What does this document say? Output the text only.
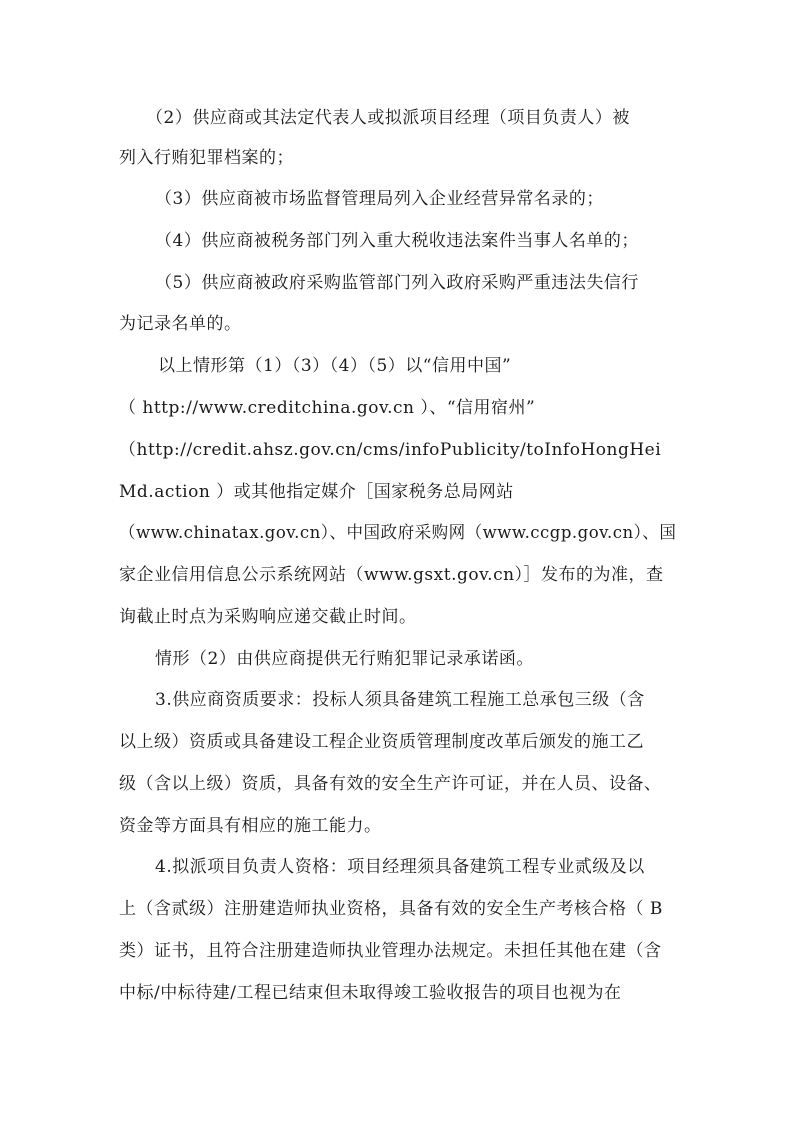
（2）供应商或其法定代表人或拟派项目经理（项目负责人）被
列入行贿犯罪档案的；
（3）供应商被市场监督管理局列入企业经营异常名录的；
（4）供应商被税务部门列入重大税收违法案件当事人名单的；
（5）供应商被政府采购监管部门列入政府采购严重违法失信行
为记录名单的。
以上情形第（1）（3）（4）（5）以“信用中国”
（ http://www.creditchina.gov.cn ）、“信用宿州”
（http://credit.ahsz.gov.cn/cms/infoPublicity/toInfoHongHei
Md.action ）或其他指定媒介［国家税务总局网站
（www.chinatax.gov.cn）、中国政府采购网（www.ccgp.gov.cn）、国
家企业信用信息公示系统网站（www.gsxt.gov.cn）］发布的为准，查
询截止时点为采购响应递交截止时间。
情形（2）由供应商提供无行贿犯罪记录承诺函。
3.供应商资质要求：投标人须具备建筑工程施工总承包三级（含
以上级）资质或具备建设工程企业资质管理制度改革后颁发的施工乙
级（含以上级）资质，具备有效的安全生产许可证，并在人员、设备、
资金等方面具有相应的施工能力。
4.拟派项目负责人资格：项目经理须具备建筑工程专业贰级及以
上（含贰级）注册建造师执业资格，具备有效的安全生产考核合格（ B
类）证书，且符合注册建造师执业管理办法规定。未担任其他在建（含
中标/中标待建/工程已结束但未取得竣工验收报告的项目也视为在
